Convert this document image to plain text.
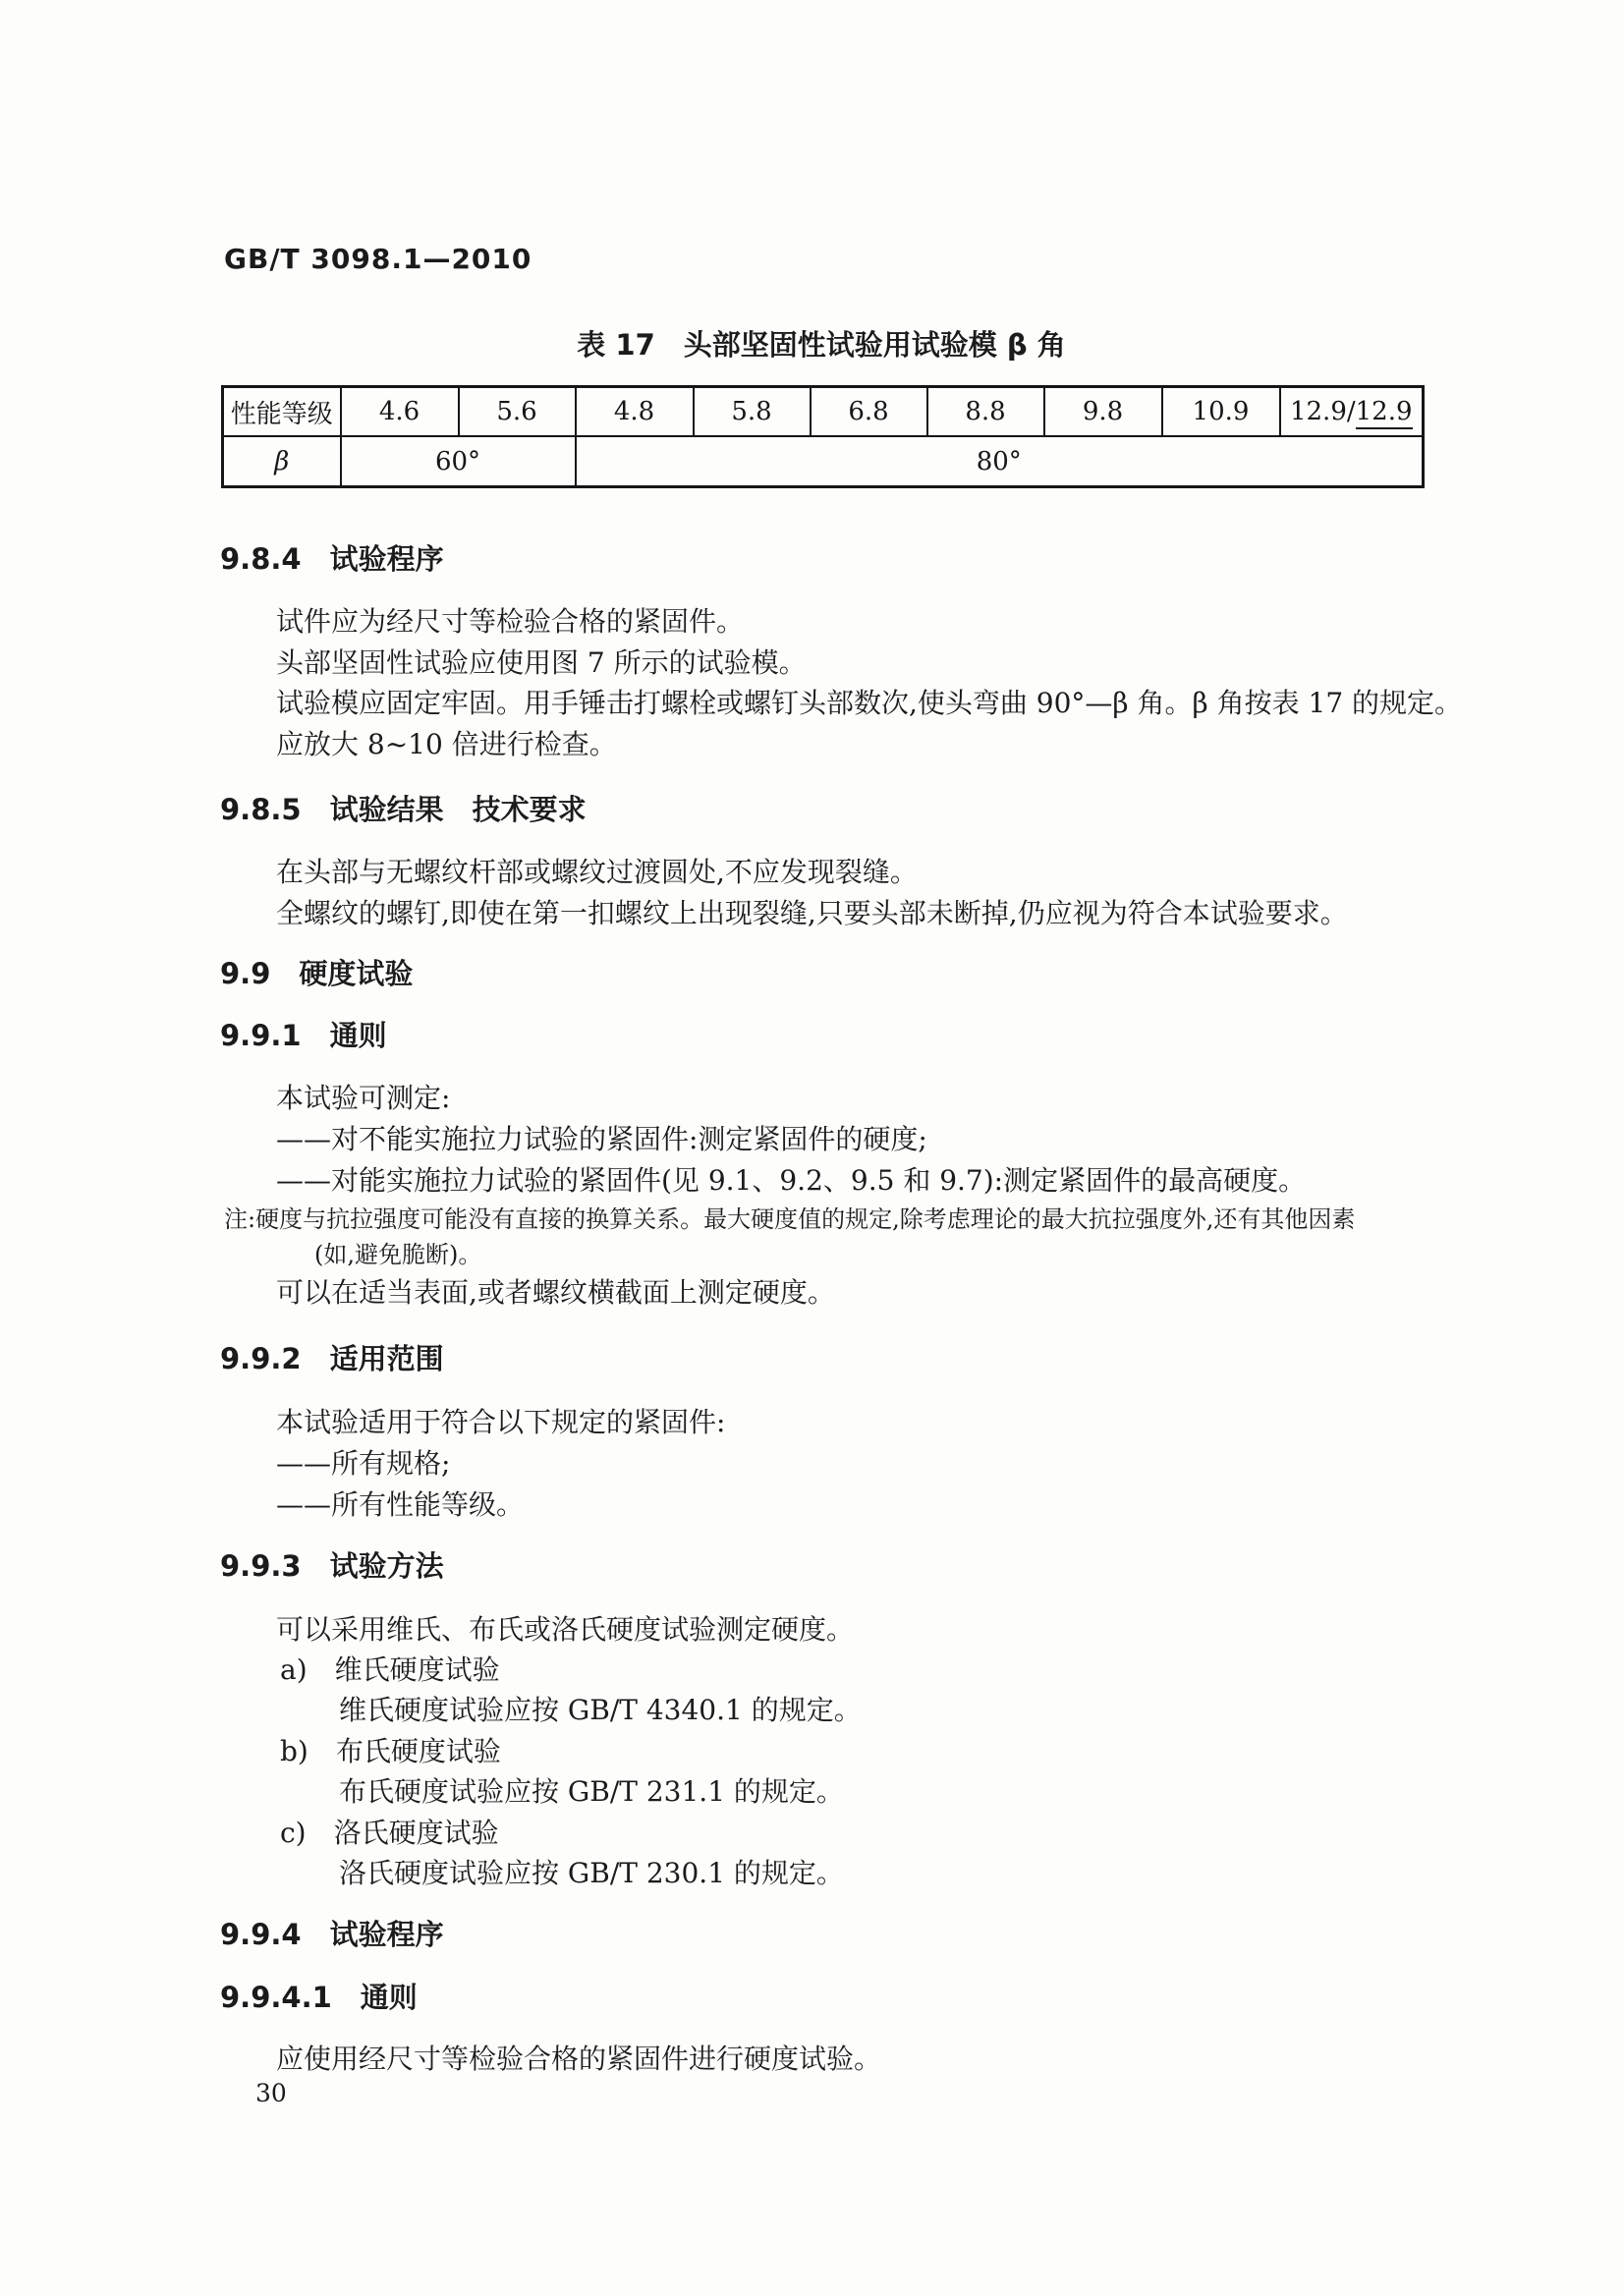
GB/T 3098.1—2010
表 17　头部坚固性试验用试验模 β 角
性能等级	4.6	5.6	4.8	5.8	6.8	8.8	9.8	10.9	12.9/12.9
β	60°		80°						
9.8.4　试验程序
试件应为经尺寸等检验合格的紧固件。
头部坚固性试验应使用图 7 所示的试验模。
试验模应固定牢固。用手锤击打螺栓或螺钉头部数次,使头弯曲 90°—β 角。β 角按表 17 的规定。
应放大 8~10 倍进行检查。
9.8.5　试验结果　技术要求
在头部与无螺纹杆部或螺纹过渡圆处,不应发现裂缝。
全螺纹的螺钉,即使在第一扣螺纹上出现裂缝,只要头部未断掉,仍应视为符合本试验要求。
9.9　硬度试验
9.9.1　通则
本试验可测定:
——对不能实施拉力试验的紧固件:测定紧固件的硬度;
——对能实施拉力试验的紧固件(见 9.1、9.2、9.5 和 9.7):测定紧固件的最高硬度。
注:硬度与抗拉强度可能没有直接的换算关系。最大硬度值的规定,除考虑理论的最大抗拉强度外,还有其他因素
(如,避免脆断)。
可以在适当表面,或者螺纹横截面上测定硬度。
9.9.2　适用范围
本试验适用于符合以下规定的紧固件:
——所有规格;
——所有性能等级。
9.9.3　试验方法
可以采用维氏、布氏或洛氏硬度试验测定硬度。
a)　维氏硬度试验
维氏硬度试验应按 GB/T 4340.1 的规定。
b)　布氏硬度试验
布氏硬度试验应按 GB/T 231.1 的规定。
c)　洛氏硬度试验
洛氏硬度试验应按 GB/T 230.1 的规定。
9.9.4　试验程序
9.9.4.1　通则
应使用经尺寸等检验合格的紧固件进行硬度试验。
30
